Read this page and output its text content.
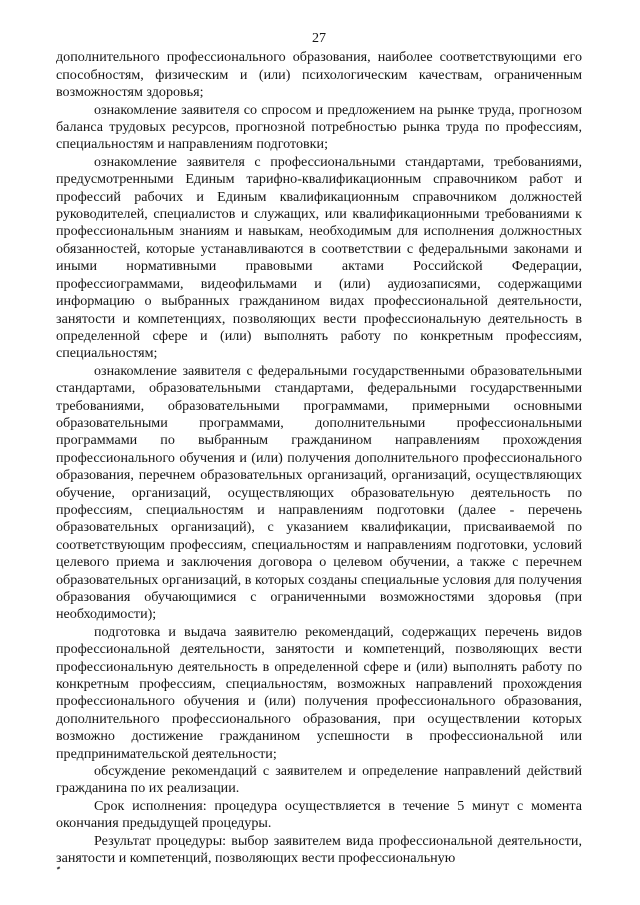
27

дополнительного профессионального образования, наиболее соответствующими его способностям, физическим и (или) психологическим качествам, ограниченным возможностям здоровья;

ознакомление заявителя со спросом и предложением на рынке труда, прогнозом баланса трудовых ресурсов, прогнозной потребностью рынка труда по профессиям, специальностям и направлениям подготовки;

ознакомление заявителя с профессиональными стандартами, требованиями, предусмотренными Единым тарифно-квалификационным справочником работ и профессий рабочих и Единым квалификационным справочником должностей руководителей, специалистов и служащих, или квалификационными требованиями к профессиональным знаниям и навыкам, необходимым для исполнения должностных обязанностей, которые устанавливаются в соответствии с федеральными законами и иными нормативными правовыми актами Российской Федерации, профессиограммами, видеофильмами и (или) аудиозаписями, содержащими информацию о выбранных гражданином видах профессиональной деятельности, занятости и компетенциях, позволяющих вести профессиональную деятельность в определенной сфере и (или) выполнять работу по конкретным профессиям, специальностям;

ознакомление заявителя с федеральными государственными образовательными стандартами, образовательными стандартами, федеральными государственными требованиями, образовательными программами, примерными основными образовательными программами, дополнительными профессиональными программами по выбранным гражданином направлениям прохождения профессионального обучения и (или) получения дополнительного профессионального образования, перечнем образовательных организаций, организаций, осуществляющих обучение, организаций, осуществляющих образовательную деятельность по профессиям, специальностям и направлениям подготовки (далее - перечень образовательных организаций), с указанием квалификации, присваиваемой по соответствующим профессиям, специальностям и направлениям подготовки, условий целевого приема и заключения договора о целевом обучении, а также с перечнем образовательных организаций, в которых созданы специальные условия для получения образования обучающимися с ограниченными возможностями здоровья (при необходимости);

подготовка и выдача заявителю рекомендаций, содержащих перечень видов профессиональной деятельности, занятости и компетенций, позволяющих вести профессиональную деятельность в определенной сфере и (или) выполнять работу по конкретным профессиям, специальностям, возможных направлений прохождения профессионального обучения и (или) получения профессионального образования, дополнительного профессионального образования, при осуществлении которых возможно достижение гражданином успешности в профессиональной или предпринимательской деятельности;

обсуждение рекомендаций с заявителем и определение направлений действий гражданина по их реализации.

Срок исполнения: процедура осуществляется в течение 5 минут с момента окончания предыдущей процедуры.

Результат процедуры: выбор заявителем вида профессиональной деятельности, занятости и компетенций, позволяющих вести профессиональную
